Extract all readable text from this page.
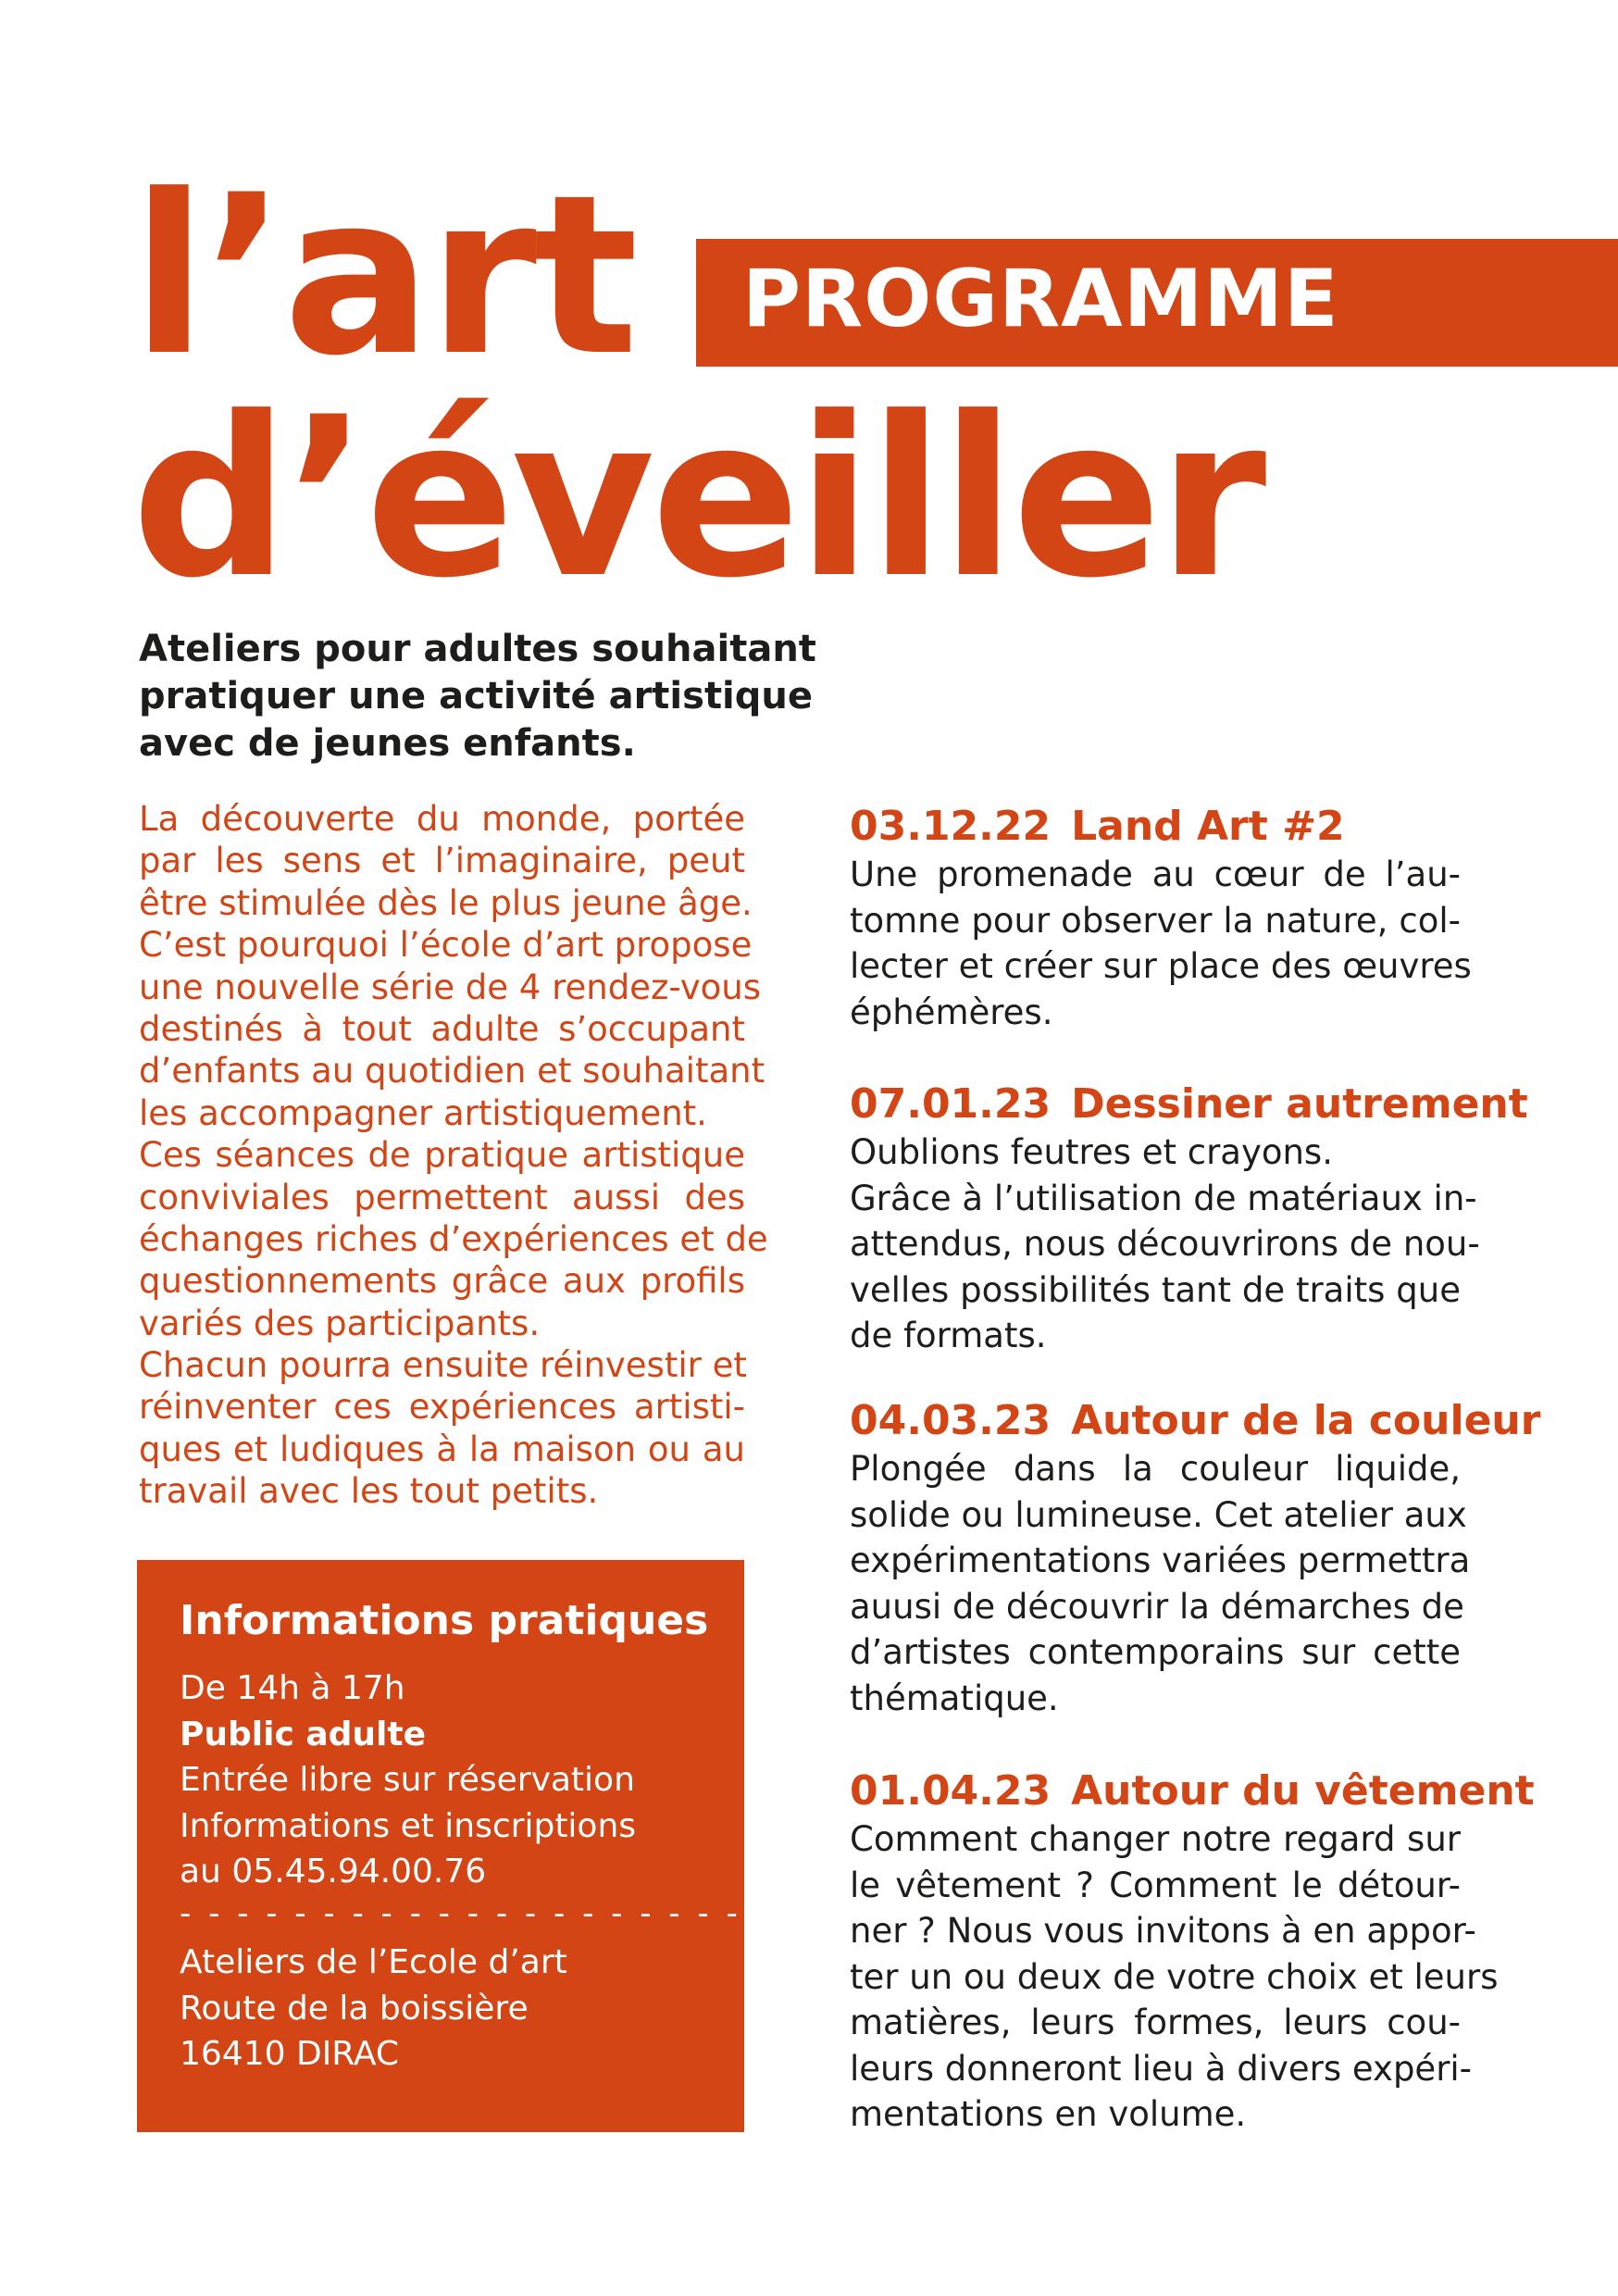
l’art
d’éveiller
PROGRAMME
Ateliers pour adultes souhaitant
pratiquer une activité artistique
avec de jeunes enfants.
La découverte du monde, portée
par les sens et l’imaginaire, peut
être stimulée dès le plus jeune âge.
C’est pourquoi l’école d’art propose
une nouvelle série de 4 rendez-vous
destinés à tout adulte s’occupant
d’enfants au quotidien et souhaitant
les accompagner artistiquement.
Ces séances de pratique artistique
conviviales permettent aussi des
échanges riches d’expériences et de
questionnements grâce aux profils
variés des participants.
Chacun pourra ensuite réinvestir et
réinventer ces expériences artisti-
ques et ludiques à la maison ou au
travail avec les tout petits.
Informations pratiques
De 14h à 17h
Public adulte
Entrée libre sur réservation
Informations et inscriptions
au 05.45.94.00.76
- - - - - - - - - - - - - - - - - - - - -
Ateliers de l’Ecole d’art
Route de la boissière
16410 DIRAC
03.12.22 Land Art #2
Une promenade au cœur de l’au-
tomne pour observer la nature, col-
lecter et créer sur place des œuvres
éphémères.
07.01.23 Dessiner autrement
Oublions feutres et crayons.
Grâce à l’utilisation de matériaux in-
attendus, nous découvrirons de nou-
velles possibilités tant de traits que
de formats.
04.03.23 Autour de la couleur
Plongée dans la couleur liquide,
solide ou lumineuse. Cet atelier aux
expérimentations variées permettra
auusi de découvrir la démarches de
d’artistes contemporains sur cette
thématique.
01.04.23 Autour du vêtement
Comment changer notre regard sur
le vêtement ? Comment le détour-
ner ? Nous vous invitons à en appor-
ter un ou deux de votre choix et leurs
matières, leurs formes, leurs cou-
leurs donneront lieu à divers expéri-
mentations en volume.
